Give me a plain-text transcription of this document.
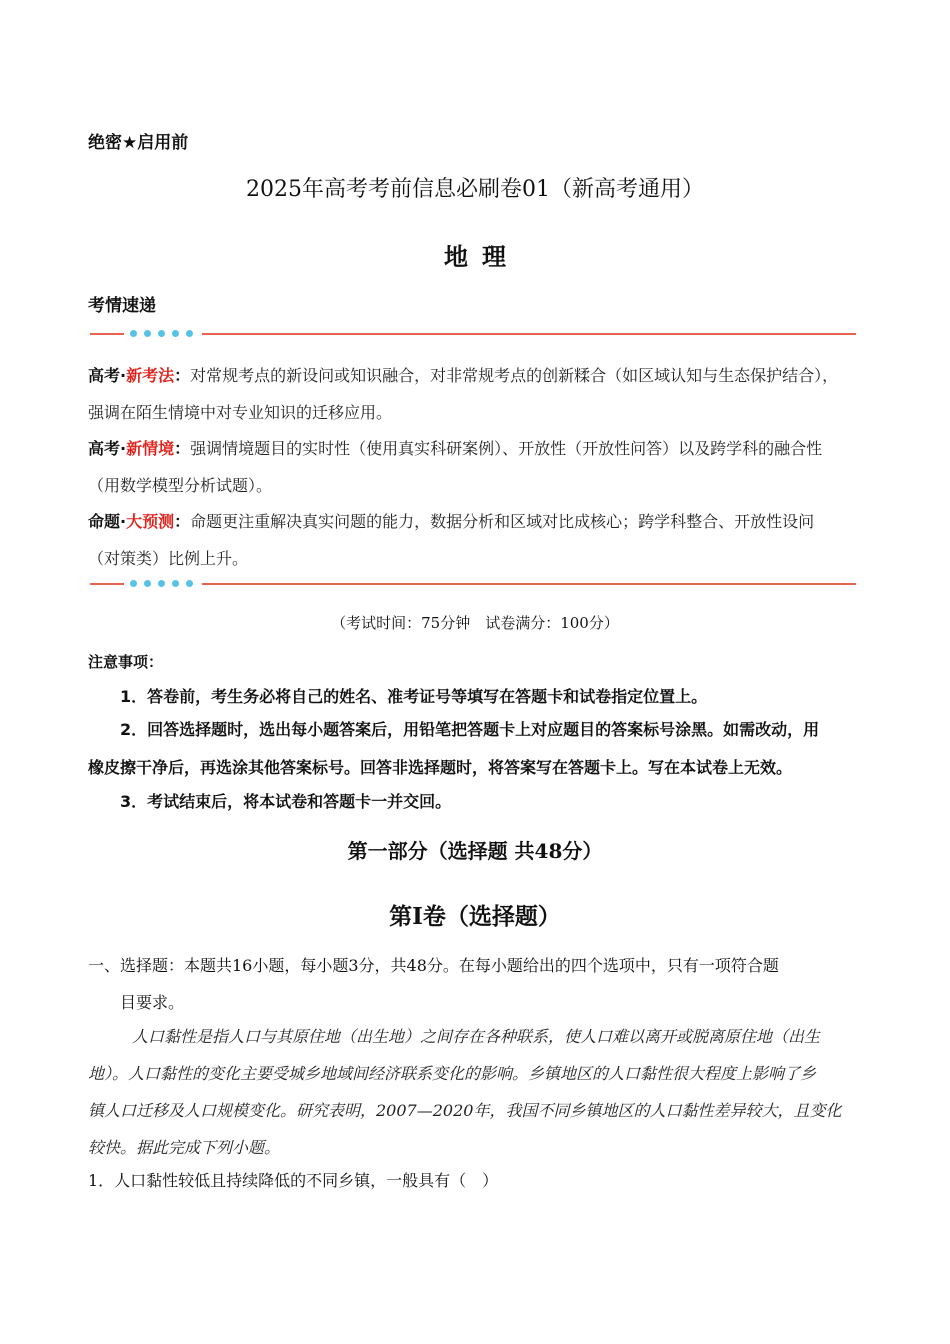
绝密★启用前
2025年高考考前信息必刷卷01（新高考通用）
地理
考情速递
高考·新考法：对常规考点的新设问或知识融合，对非常规考点的创新糅合（如区域认知与生态保护结合），
强调在陌生情境中对专业知识的迁移应用。
高考·新情境：强调情境题目的实时性（使用真实科研案例）、开放性（开放性问答）以及跨学科的融合性
（用数学模型分析试题）。
命题·大预测：命题更注重解决真实问题的能力，数据分析和区域对比成核心；跨学科整合、开放性设问
（对策类）比例上升。
（考试时间：75分钟　试卷满分：100分）
注意事项：
1．答卷前，考生务必将自己的姓名、准考证号等填写在答题卡和试卷指定位置上。
2．回答选择题时，选出每小题答案后，用铅笔把答题卡上对应题目的答案标号涂黑。如需改动，用
橡皮擦干净后，再选涂其他答案标号。回答非选择题时，将答案写在答题卡上。写在本试卷上无效。
3．考试结束后，将本试卷和答题卡一并交回。
第一部分（选择题 共48分）
第Ⅰ卷（选择题）
一、选择题：本题共16小题，每小题3分，共48分。在每小题给出的四个选项中，只有一项符合题
目要求。
人口黏性是指人口与其原住地（出生地）之间存在各种联系，使人口难以离开或脱离原住地（出生
地）。人口黏性的变化主要受城乡地域间经济联系变化的影响。乡镇地区的人口黏性很大程度上影响了乡
镇人口迁移及人口规模变化。研究表明，2007—2020年，我国不同乡镇地区的人口黏性差异较大，且变化
较快。据此完成下列小题。
1．人口黏性较低且持续降低的不同乡镇，一般具有（　）
